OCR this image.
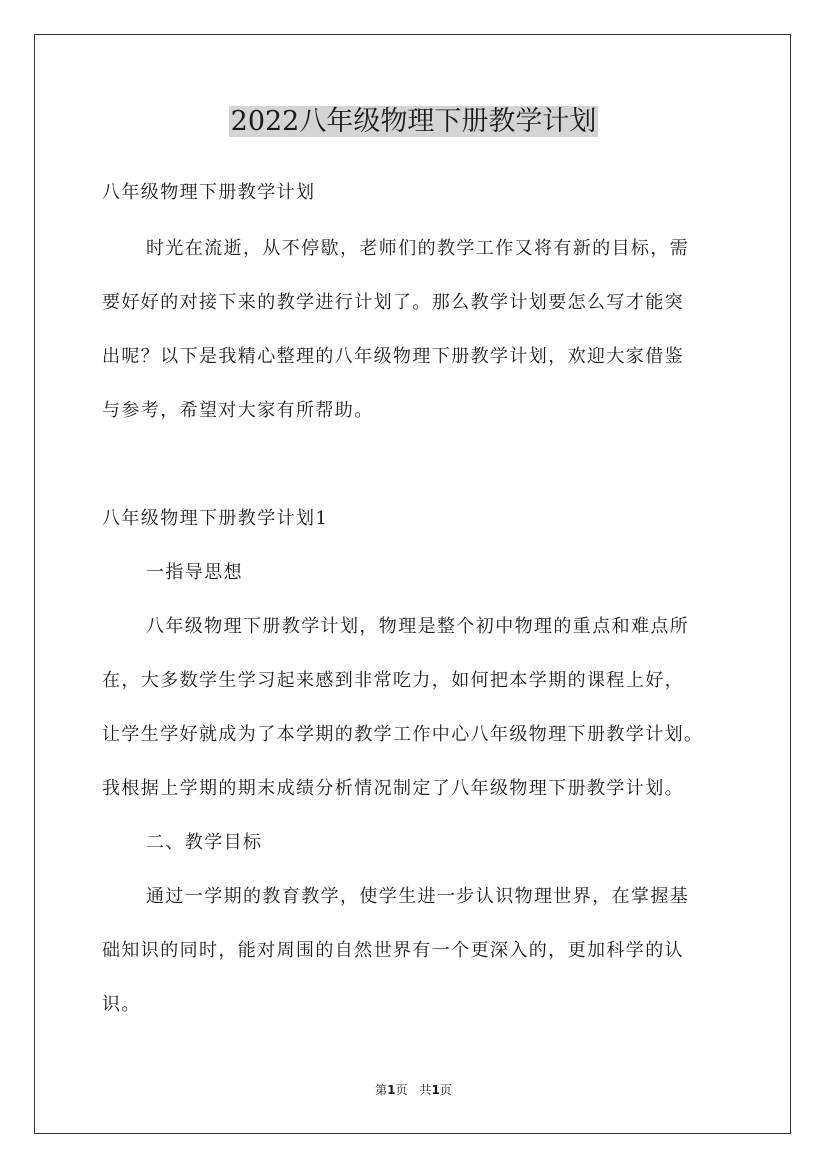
2022八年级物理下册教学计划
八年级物理下册教学计划
时光在流逝，从不停歇，老师们的教学工作又将有新的目标，需
要好好的对接下来的教学进行计划了。那么教学计划要怎么写才能突
出呢？以下是我精心整理的八年级物理下册教学计划，欢迎大家借鉴
与参考，希望对大家有所帮助。
八年级物理下册教学计划1
一指导思想
八年级物理下册教学计划，物理是整个初中物理的重点和难点所
在，大多数学生学习起来感到非常吃力，如何把本学期的课程上好，
让学生学好就成为了本学期的教学工作中心八年级物理下册教学计划。
我根据上学期的期末成绩分析情况制定了八年级物理下册教学计划。
二、教学目标
通过一学期的教育教学，使学生进一步认识物理世界，在掌握基
础知识的同时，能对周围的自然世界有一个更深入的，更加科学的认
识。
第1页　共1页
